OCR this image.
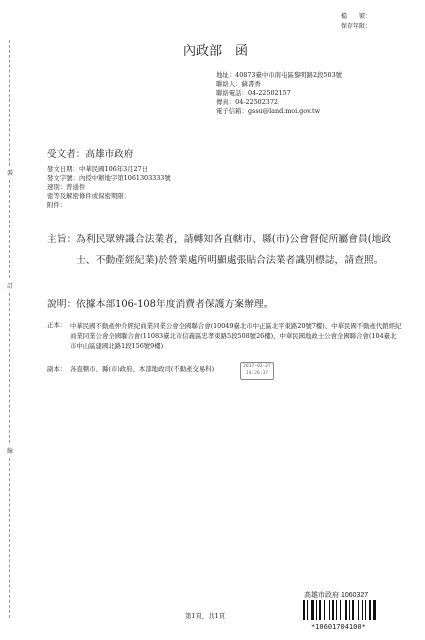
裝
訂
線
檔　　號：
保存年限：
內政部　函
地址：40873臺中市南屯區黎明路2段503號
聯絡人：蘇書香
聯絡電話：04-22502157
傳真：04-22502372
電子信箱：gssu@land.moi.gov.tw
受文者：高雄市政府
發文日期：中華民國106年3月27日
發文字號：內授中辦地字第1061303333號
速別：普通件
密等及解密條件或保密期限：
附件：
主旨： 為利民眾辨識合法業者，請轉知各直轄市、縣(市)公會督促所屬會員(地政士、不動產經紀業)於營業處所明顯處張貼合法業者識別標誌，請查照。
說明： 依據本部106-108年度消費者保護方案辦理。
正本： 中華民國不動產仲介經紀商業同業公會全國聯合會(10049臺北市中正區北平東路20號7樓)、中華民國不動產代銷經紀商業同業公會全國聯合會(11083臺北市信義區忠孝東路5段508號26樓)、中華民國地政士公會全國聯合會(104臺北市中山區建國北路1段156號9樓)
副本： 各直轄市、縣(市)政府、本部地政司(不動產交易科)	2017-03-27
14:26:37
第1頁，共1頁
高雄市政府 1060327
*10601704100*
